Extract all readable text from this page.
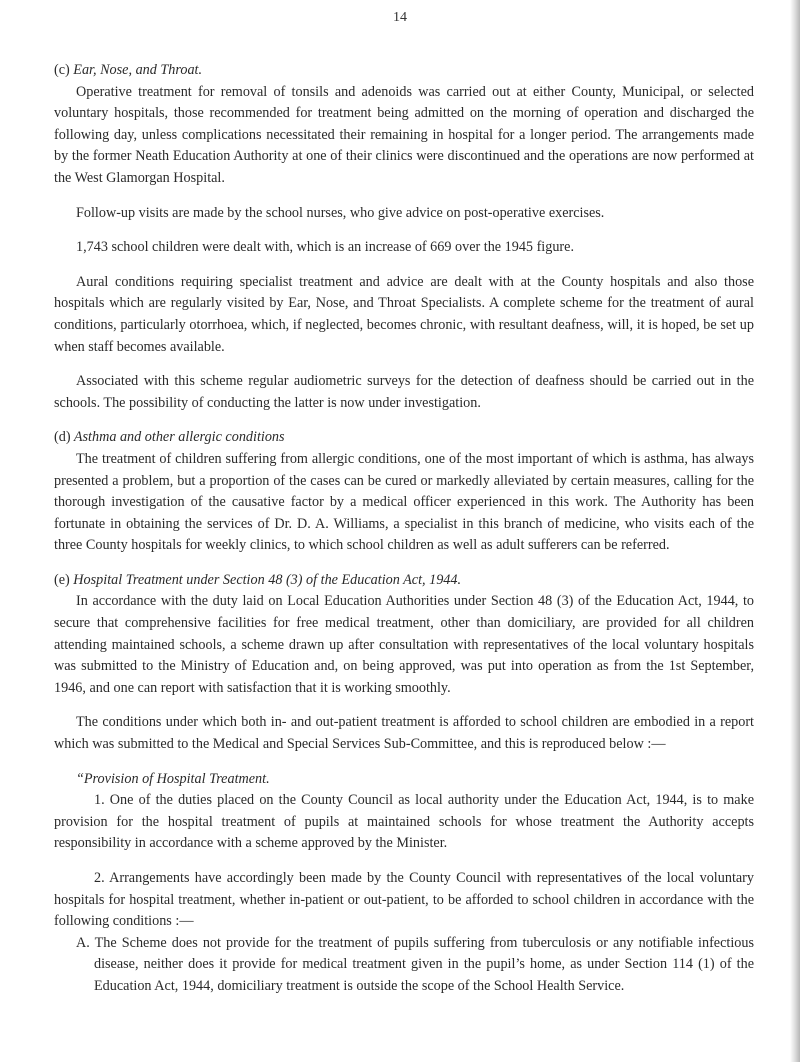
14

(c) Ear, Nose, and Throat.

Operative treatment for removal of tonsils and adenoids was carried out at either County, Municipal, or selected voluntary hospitals, those recommended for treatment being admitted on the morning of operation and discharged the following day, unless complications necessitated their remaining in hospital for a longer period. The arrangements made by the former Neath Education Authority at one of their clinics were discontinued and the operations are now performed at the West Glamorgan Hospital.

Follow-up visits are made by the school nurses, who give advice on post-operative exercises.

1,743 school children were dealt with, which is an increase of 669 over the 1945 figure.

Aural conditions requiring specialist treatment and advice are dealt with at the County hospitals and also those hospitals which are regularly visited by Ear, Nose, and Throat Specialists. A complete scheme for the treatment of aural conditions, particularly otorrhoea, which, if neglected, becomes chronic, with resultant deafness, will, it is hoped, be set up when staff becomes available.

Associated with this scheme regular audiometric surveys for the detection of deafness should be carried out in the schools. The possibility of conducting the latter is now under investigation.

(d) Asthma and other allergic conditions

The treatment of children suffering from allergic conditions, one of the most important of which is asthma, has always presented a problem, but a proportion of the cases can be cured or markedly alleviated by certain measures, calling for the thorough investigation of the causative factor by a medical officer experienced in this work. The Authority has been fortunate in obtaining the services of Dr. D. A. Williams, a specialist in this branch of medicine, who visits each of the three County hospitals for weekly clinics, to which school children as well as adult sufferers can be referred.

(e) Hospital Treatment under Section 48 (3) of the Education Act, 1944.

In accordance with the duty laid on Local Education Authorities under Section 48 (3) of the Education Act, 1944, to secure that comprehensive facilities for free medical treatment, other than domiciliary, are provided for all children attending maintained schools, a scheme drawn up after consultation with representatives of the local voluntary hospitals was submitted to the Ministry of Education and, on being approved, was put into operation as from the 1st September, 1946, and one can report with satisfaction that it is working smoothly.

The conditions under which both in- and out-patient treatment is afforded to school children are embodied in a report which was submitted to the Medical and Special Services Sub-Committee, and this is reproduced below :—

“Provision of Hospital Treatment.

1. One of the duties placed on the County Council as local authority under the Education Act, 1944, is to make provision for the hospital treatment of pupils at maintained schools for whose treatment the Authority accepts responsibility in accordance with a scheme approved by the Minister.

2. Arrangements have accordingly been made by the County Council with representatives of the local voluntary hospitals for hospital treatment, whether in-patient or out-patient, to be afforded to school children in accordance with the following conditions :—

A. The Scheme does not provide for the treatment of pupils suffering from tuberculosis or any notifiable infectious disease, neither does it provide for medical treatment given in the pupil’s home, as under Section 114 (1) of the Education Act, 1944, domiciliary treatment is outside the scope of the School Health Service.
